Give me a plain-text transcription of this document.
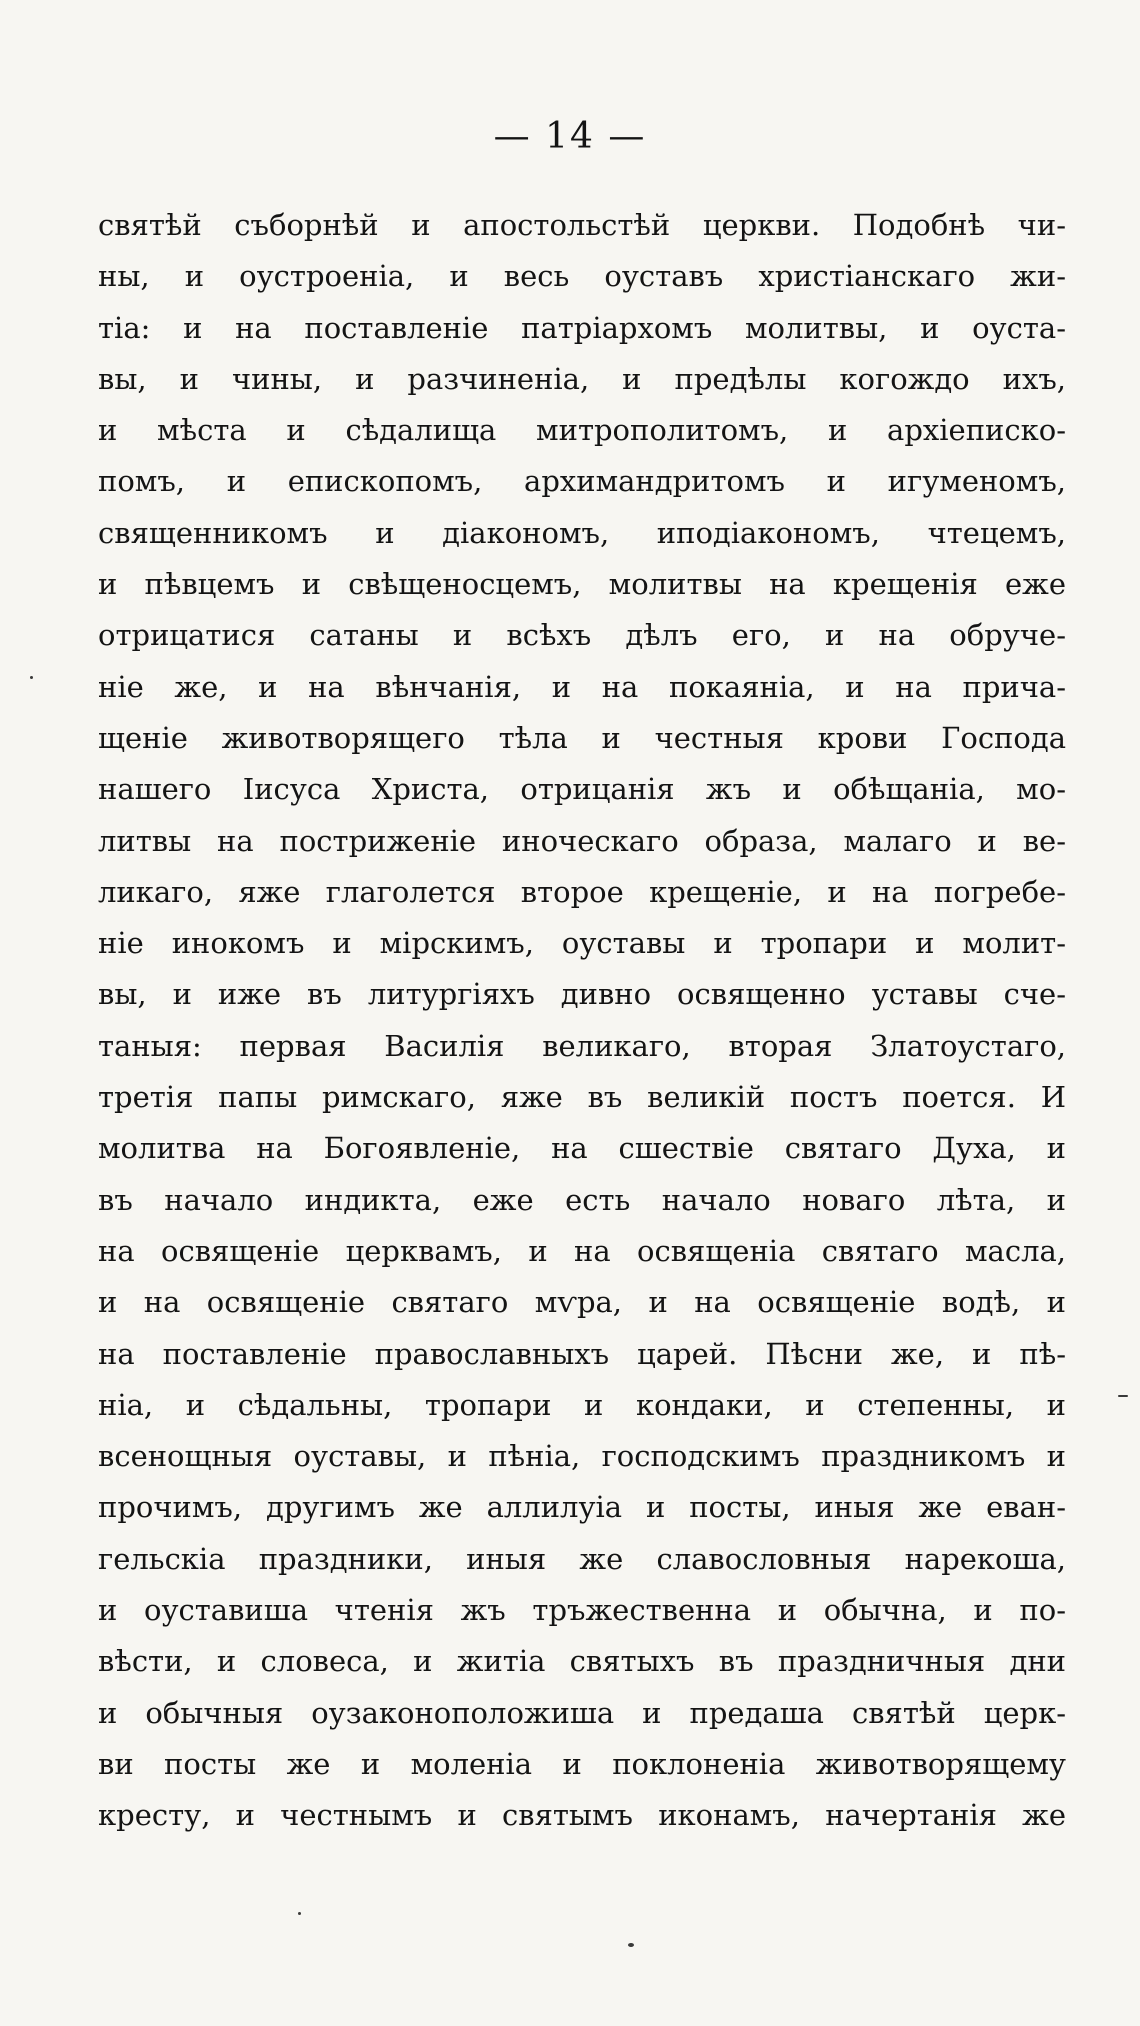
— 14 —
святѣй съборнѣй и апостольстѣй церкви. Подобнѣ чи-
ны, и оустроенiа, и весь оуставъ христiанскаго жи-
тiа: и на поставленiе патрiархомъ молитвы, и оуста-
вы, и чины, и разчиненiа, и предѣлы когождо ихъ,
и мѣста и сѣдалища митрополитомъ, и архiеписко-
помъ, и епископомъ, архимандритомъ и игуменомъ,
священникомъ и дiакономъ, иподiакономъ, чтецемъ,
и пѣвцемъ и свѣщеносцемъ, молитвы на крещенiя еже
отрицатися сатаны и всѣхъ дѣлъ его, и на обруче-
нiе же, и на вѣнчанiя, и на покаянiа, и на причa-
щенiе животворящего тѣла и честныя крови Господа
нашего Iисуса Христа, отрицанiя жъ и обѣщанiа, мо-
литвы на постриженiе иноческаго образа, малаго и ве-
ликаго, яже глаголется второе крещенiе, и на погребе-
нiе инокомъ и мiрскимъ, оуставы и тропари и молит-
вы, и иже въ литургiяхъ дивно освященно уставы сче-
таныя: первая Василiя великаго, вторая Златоустаго,
третiя папы римскаго, яже въ великiй постъ поется. И
молитва на Богоявленiе, на сшествiе святаго Духа, и
въ начало индикта, еже есть начало новаго лѣта, и
на освященiе церквамъ, и на освященiа святаго масла,
и на освященiе святаго мѵра, и на освященiе водѣ, и
на поставленiе православныхъ царей. Пѣсни же, и пѣ-
нiа, и сѣдальны, тропари и кондаки, и степенны, и
всенощныя оуставы, и пѣнiа, господскимъ праздникомъ и
прочимъ, другимъ же аллилуiа и посты, иныя же еван-
гельскiа праздники, иныя же славословныя нарекоша,
и оуставиша чтенiя жъ тръжественна и обычна, и по-
вѣсти, и словеса, и житiа святыхъ въ праздничныя дни
и обычныя оузаконоположиша и предаша святѣй церк-
ви посты же и моленiа и поклоненiа животворящему
кресту, и честнымъ и святымъ иконамъ, начертанiя же
